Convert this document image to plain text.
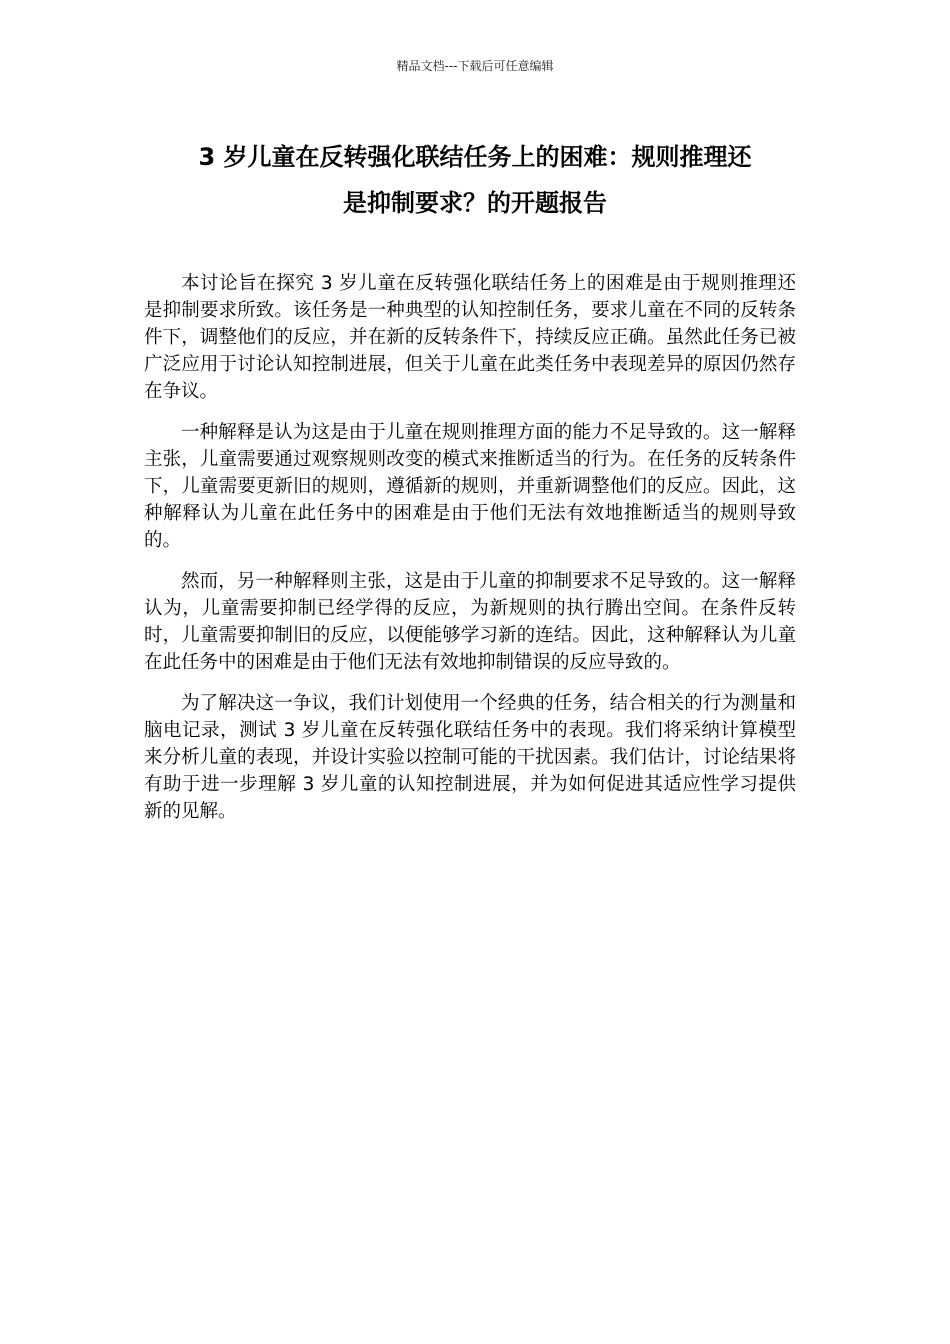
精品文档---下载后可任意编辑
3 岁儿童在反转强化联结任务上的困难：规则推理还
是抑制要求？的开题报告

本讨论旨在探究 3 岁儿童在反转强化联结任务上的困难是由于规则推理还是抑制要求所致。该任务是一种典型的认知控制任务，要求儿童在不同的反转条件下，调整他们的反应，并在新的反转条件下，持续反应正确。虽然此任务已被广泛应用于讨论认知控制进展，但关于儿童在此类任务中表现差异的原因仍然存在争议。

一种解释是认为这是由于儿童在规则推理方面的能力不足导致的。这一解释主张，儿童需要通过观察规则改变的模式来推断适当的行为。在任务的反转条件下，儿童需要更新旧的规则，遵循新的规则，并重新调整他们的反应。因此，这种解释认为儿童在此任务中的困难是由于他们无法有效地推断适当的规则导致的。

然而，另一种解释则主张，这是由于儿童的抑制要求不足导致的。这一解释认为，儿童需要抑制已经学得的反应，为新规则的执行腾出空间。在条件反转时，儿童需要抑制旧的反应，以便能够学习新的连结。因此，这种解释认为儿童在此任务中的困难是由于他们无法有效地抑制错误的反应导致的。

为了解决这一争议，我们计划使用一个经典的任务，结合相关的行为测量和脑电记录，测试 3 岁儿童在反转强化联结任务中的表现。我们将采纳计算模型来分析儿童的表现，并设计实验以控制可能的干扰因素。我们估计，讨论结果将有助于进一步理解 3 岁儿童的认知控制进展，并为如何促进其适应性学习提供新的见解。
